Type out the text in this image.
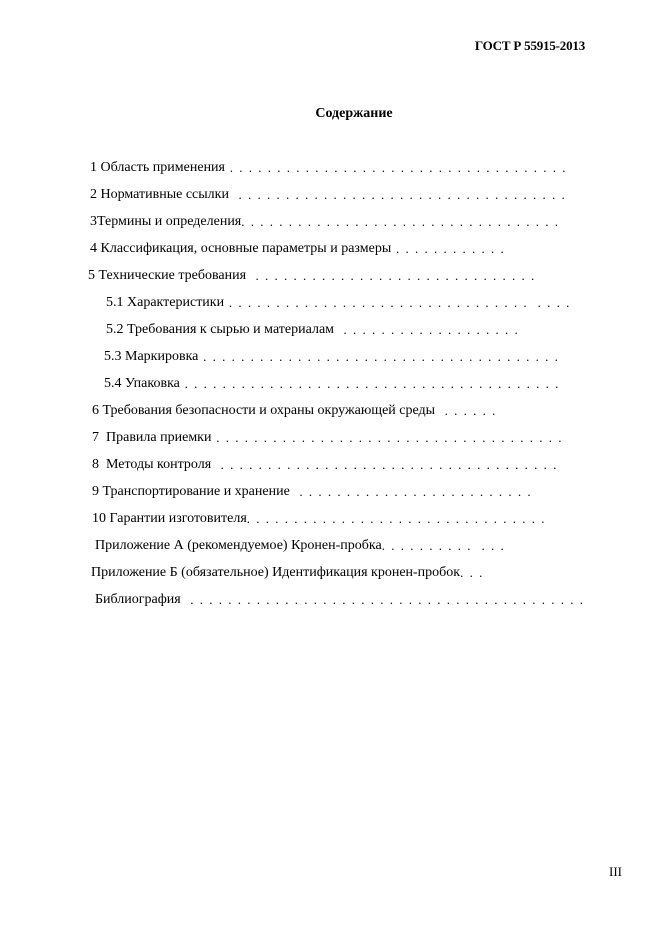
ГОСТ Р 55915-2013
Содержание
1 Область применения . . . . . . . . . . . . . . . . . . . . . . . . . . . . . . . . . . . .
2 Нормативные ссылки . . . . . . . . . . . . . . . . . . . . . . . . . . . . . . . . . . .
3Термины и определения . . . . . . . . . . . . . . . . . . . . . . . . . . . . . . . . . .
4 Классификация, основные параметры и размеры . . . . . . . . . . . .
5 Технические требования . . . . . . . . . . . . . . . . . . . . . . . . . . . . . .
5.1 Характеристики . . . . . . . . . . . . . . . . . . . . . . . . . . . . . . . .  . . . .
5.2 Требования к сырью и материалам . . . . . . . . . . . . . . . . . . .
5.3 Маркировка . . . . . . . . . . . . . . . . . . . . . . . . . . . . . . . . . . . . . .
5.4 Упаковка . . . . . . . . . . . . . . . . . . . . . . . . . . . . . . . . . . . . . . . .
6 Требования безопасности и охраны окружающей среды . . . . . .
7  Правила приемки . . . . . . . . . . . . . . . . . . . . . . . . . . . . . . . . . . . . .
8  Методы контроля . . . . . . . . . . . . . . . . . . . . . . . . . . . . . . . . . . . .
9 Транспортирование и хранение . . . . . . . . . . . . . . . . . . . . . . . . .
10 Гарантии изготовителя . . . . . . . . . . . . . . . . . . . . . . . . . . . . . . . .
Приложение А (рекомендуемое) Кронен-пробка . . . . . . . . . .  . . .
Приложение Б (обязательное) Идентификация кронен-пробок . . .
Библиография . . . . . . . . . . . . . . . . . . . . . . . . . . . . . . . . . . . . . . . . . .
III
